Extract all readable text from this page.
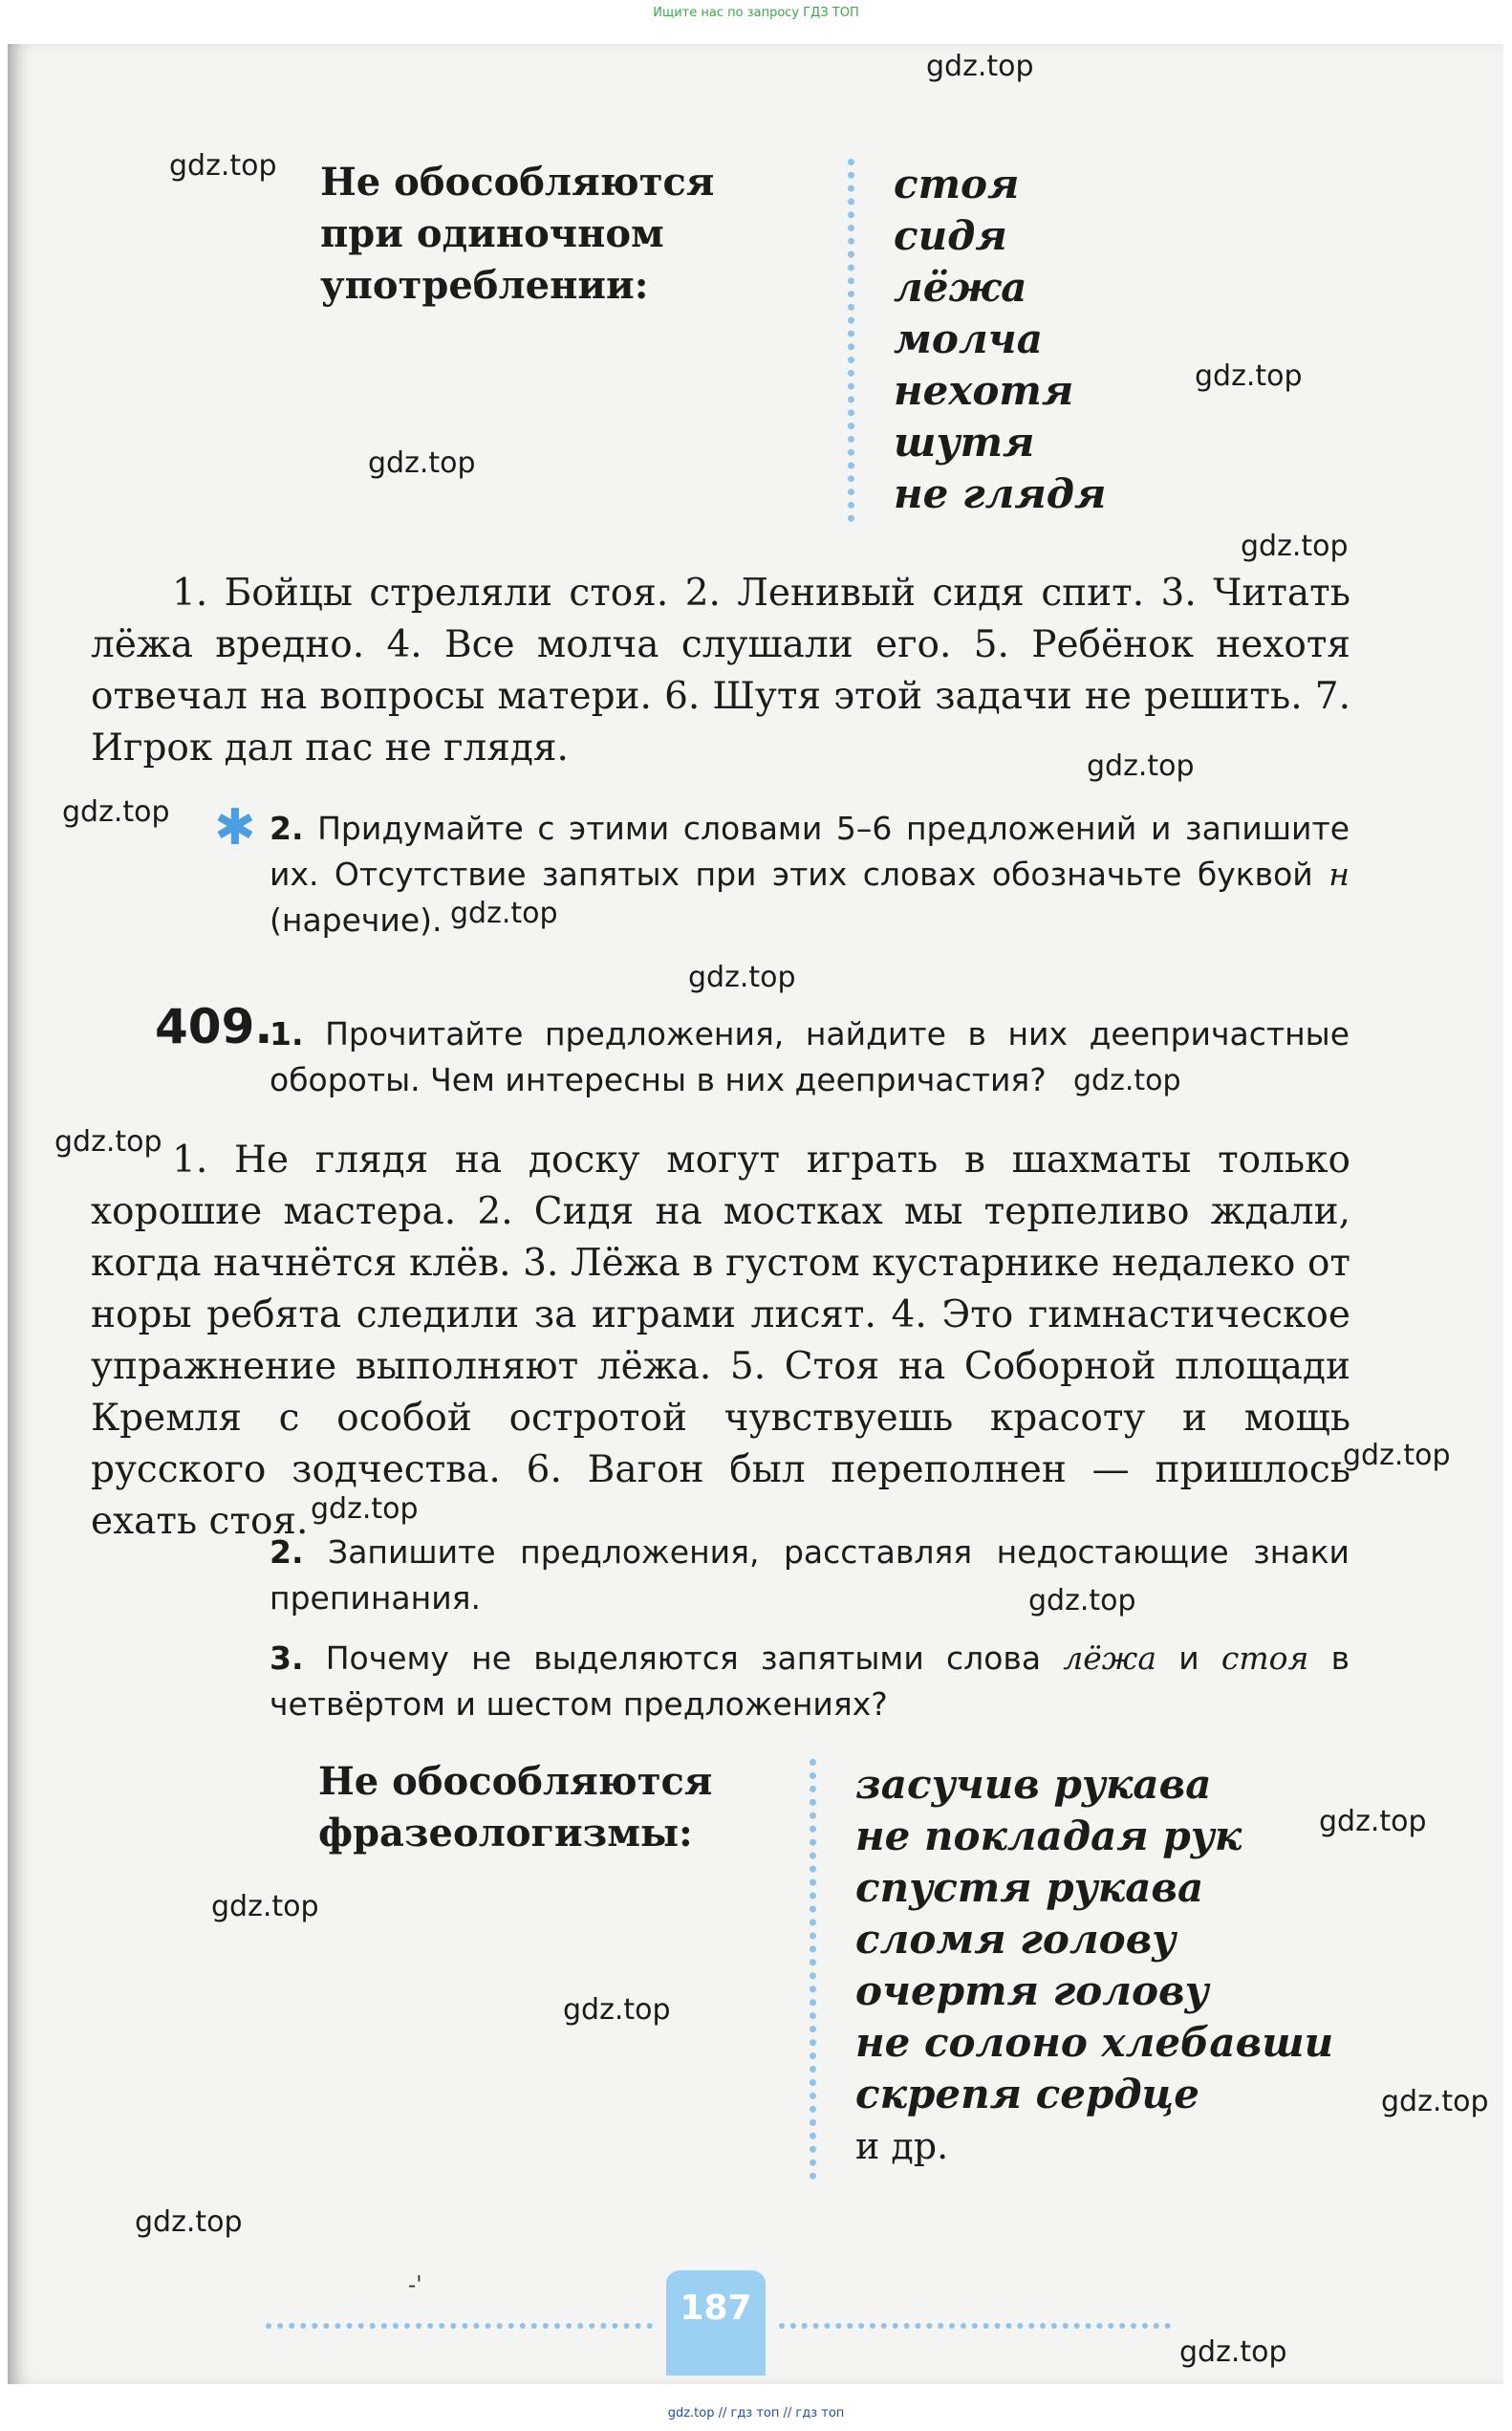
Ищите нас по запросу ГДЗ ТОП
Не обособляются
при одиночном
употреблении:
стоя
сидя
лёжа
молча
нехотя
шутя
не глядя
1. Бойцы стреляли стоя. 2. Ленивый сидя спит. 3. Читать лёжа вредно. 4. Все молча слушали его. 5. Ребёнок нехотя отвечал на вопросы матери. 6. Шутя этой задачи не решить. 7. Игрок дал пас не глядя.
✱ 2. Придумайте с этими словами 5–6 предложений и запишите их. Отсутствие запятых при этих словах обозначьте буквой н (наречие).
409.
1. Прочитайте предложения, найдите в них деепричастные обороты. Чем интересны в них деепричастия?
1. Не глядя на доску могут играть в шахматы только хорошие мастера. 2. Сидя на мостках мы терпеливо ждали, когда начнётся клёв. 3. Лёжа в густом кустарнике недалеко от норы ребята следили за играми лисят. 4. Это гимнастическое упражнение выполняют лёжа. 5. Стоя на Соборной площади Кремля с особой остротой чувствуешь красоту и мощь русского зодчества. 6. Вагон был переполнен — пришлось ехать стоя.
2. Запишите предложения, расставляя недостающие знаки препинания.
3. Почему не выделяются запятыми слова лёжа и стоя в четвёртом и шестом предложениях?
Не обособляются
фразеологизмы:
засучив рукава
не покладая рук
спустя рукава
сломя голову
очертя голову
не солоно хлебавши
скрепя сердце
и др.
-'
187
gdz.top
gdz.top
gdz.top
gdz.top
gdz.top
gdz.top
gdz.top
gdz.top
gdz.top
gdz.top
gdz.top
gdz.top
gdz.top
gdz.top
gdz.top
gdz.top
gdz.top
gdz.top
gdz.top
gdz.top
gdz.top // гдз топ // гдз топ
